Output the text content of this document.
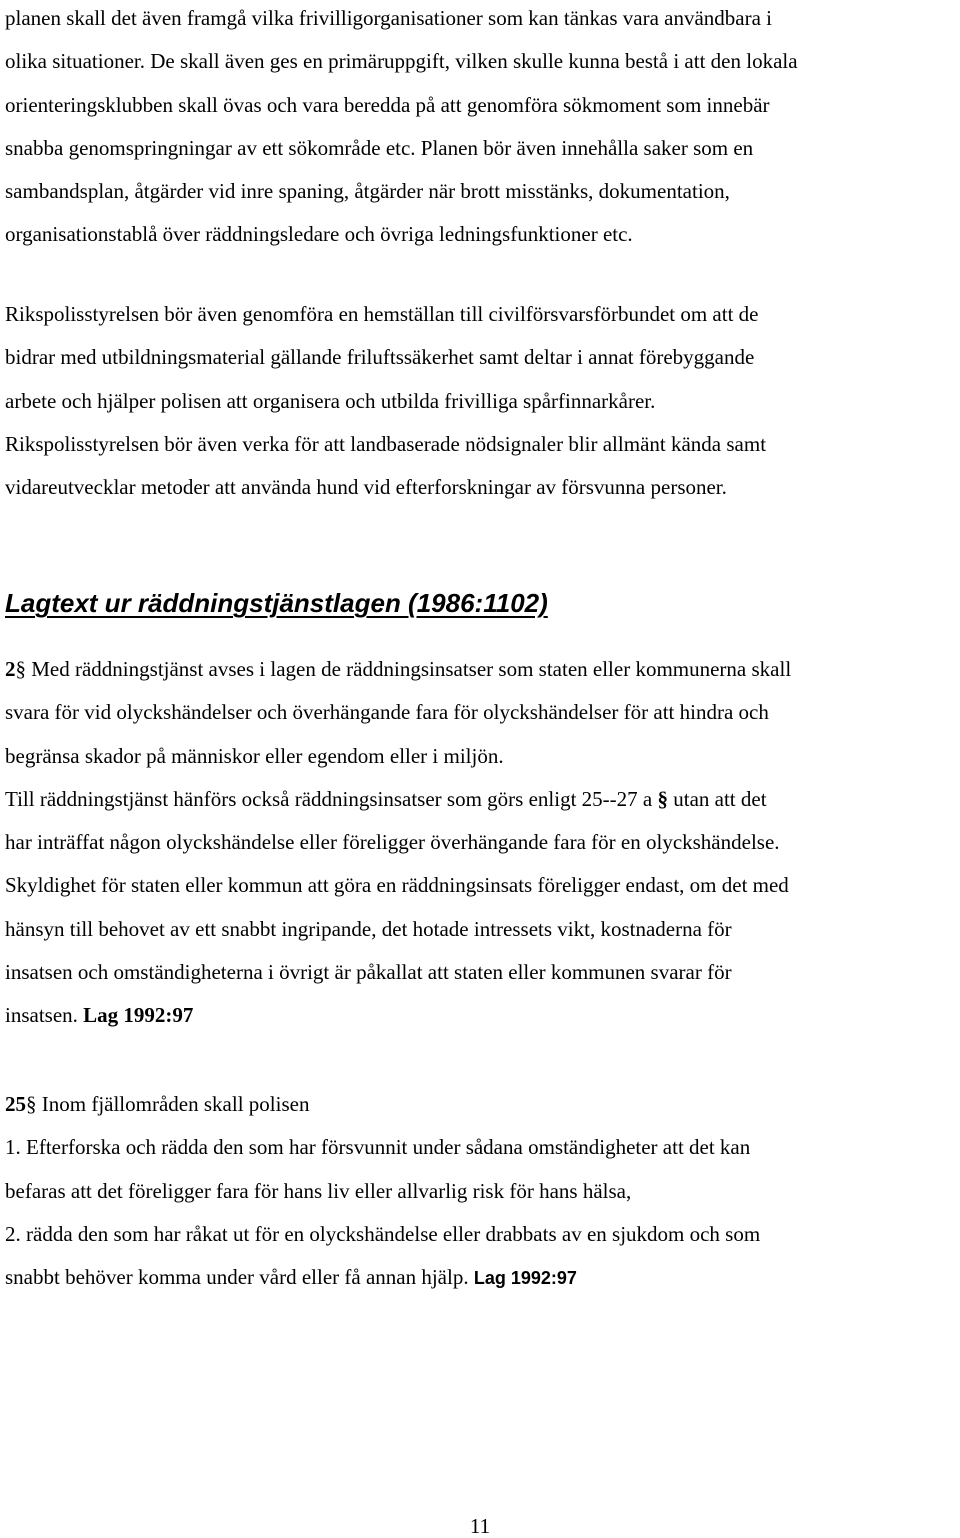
planen skall det även framgå vilka frivilligorganisationer som kan tänkas vara användbara i
olika situationer. De skall även ges en primäruppgift, vilken skulle kunna bestå i att den lokala
orienteringsklubben skall övas och vara beredda på att genomföra sökmoment som innebär
snabba genomspringningar av ett sökområde etc. Planen bör även innehålla saker som en
sambandsplan, åtgärder vid inre spaning, åtgärder när brott misstänks, dokumentation,
organisationstablå över räddningsledare och övriga ledningsfunktioner etc.

Rikspolisstyrelsen bör även genomföra en hemställan till civilförsvarsförbundet om att de
bidrar med utbildningsmaterial gällande friluftssäkerhet samt deltar i annat förebyggande
arbete och hjälper polisen att organisera och utbilda frivilliga spårfinnarkårer.
Rikspolisstyrelsen bör även verka för att landbaserade nödsignaler blir allmänt kända samt
vidareutvecklar metoder att använda hund vid efterforskningar av försvunna personer.

Lagtext ur räddningstjänstlagen (1986:1102)

2§ Med räddningstjänst avses i lagen de räddningsinsatser som staten eller kommunerna skall
svara för vid olyckshändelser och överhängande fara för olyckshändelser för att hindra och
begränsa skador på människor eller egendom eller i miljön.
Till räddningstjänst hänförs också räddningsinsatser som görs enligt 25--27 a § utan att det
har inträffat någon olyckshändelse eller föreligger överhängande fara för en olyckshändelse.
Skyldighet för staten eller kommun att göra en räddningsinsats föreligger endast, om det med
hänsyn till behovet av ett snabbt ingripande, det hotade intressets vikt, kostnaderna för
insatsen och omständigheterna i övrigt är påkallat att staten eller kommunen svarar för
insatsen. Lag 1992:97

25§ Inom fjällområden skall polisen
1. Efterforska och rädda den som har försvunnit under sådana omständigheter att det kan
befaras att det föreligger fara för hans liv eller allvarlig risk för hans hälsa,
2. rädda den som har råkat ut för en olyckshändelse eller drabbats av en sjukdom och som
snabbt behöver komma under vård eller få annan hjälp. Lag 1992:97

11
